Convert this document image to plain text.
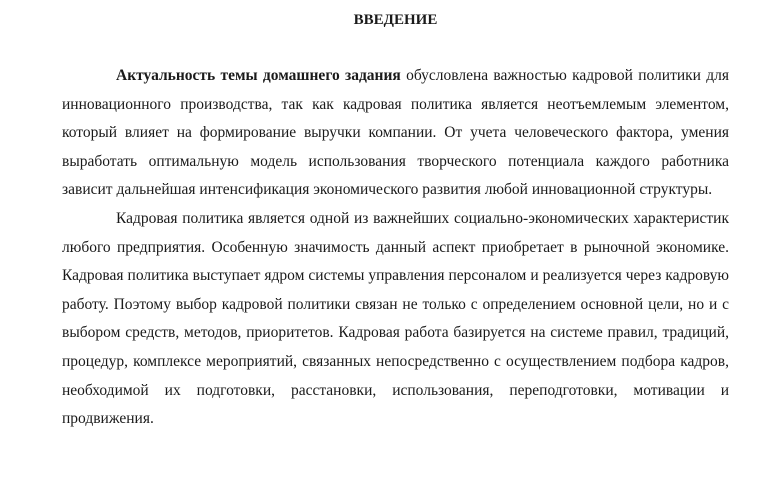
ВВЕДЕНИЕ

Актуальность темы домашнего задания обусловлена важностью кадровой политики для инновационного производства, так как кадровая политика является неотъемлемым элементом, который влияет на формирование выручки компании. От учета человеческого фактора, умения выработать оптимальную модель использования творческого потенциала каждого работника зависит дальнейшая интенсификация экономического развития любой инновационной структуры.

Кадровая политика является одной из важнейших социально-экономических характеристик любого предприятия. Особенную значимость данный аспект приобретает в рыночной экономике. Кадровая политика выступает ядром системы управления персоналом и реализуется через кадровую работу. Поэтому выбор кадровой политики связан не только с определением основной цели, но и с выбором средств, методов, приоритетов. Кадровая работа базируется на системе правил, традиций, процедур, комплексе мероприятий, связанных непосредственно с осуществлением подбора кадров, необходимой их подготовки, расстановки, использования, переподготовки, мотивации и продвижения.
